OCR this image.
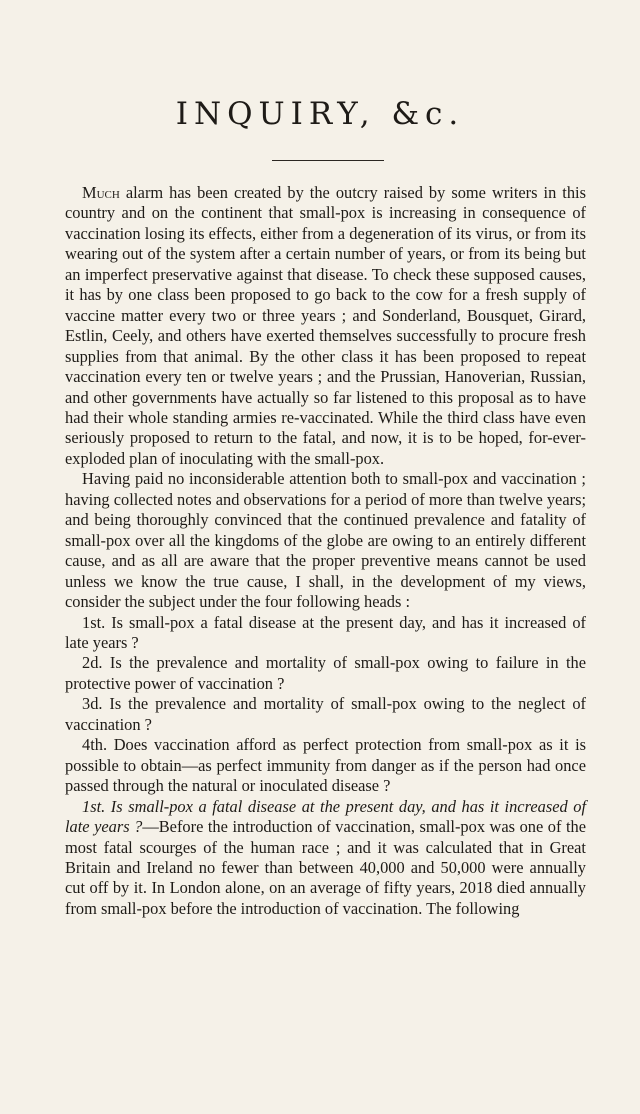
INQUIRY, &c.

Much alarm has been created by the outcry raised by some writers in this country and on the continent that small-pox is increasing in consequence of vaccination losing its effects, either from a degeneration of its virus, or from its wearing out of the system after a certain number of years, or from its being but an imperfect preservative against that disease. To check these supposed causes, it has by one class been proposed to go back to the cow for a fresh supply of vaccine matter every two or three years ; and Sonderland, Bousquet, Girard, Estlin, Ceely, and others have exerted themselves successfully to procure fresh supplies from that animal. By the other class it has been proposed to repeat vaccination every ten or twelve years ; and the Prussian, Hanoverian, Russian, and other governments have actually so far listened to this proposal as to have had their whole standing armies re-vaccinated. While the third class have even seriously proposed to return to the fatal, and now, it is to be hoped, for-ever-exploded plan of inoculating with the small-pox.

Having paid no inconsiderable attention both to small-pox and vaccination ; having collected notes and observations for a period of more than twelve years; and being thoroughly convinced that the continued prevalence and fatality of small-pox over all the kingdoms of the globe are owing to an entirely different cause, and as all are aware that the proper preventive means cannot be used unless we know the true cause, I shall, in the development of my views, consider the subject under the four following heads :

1st. Is small-pox a fatal disease at the present day, and has it increased of late years ?

2d. Is the prevalence and mortality of small-pox owing to failure in the protective power of vaccination ?

3d. Is the prevalence and mortality of small-pox owing to the neglect of vaccination ?

4th. Does vaccination afford as perfect protection from small-pox as it is possible to obtain—as perfect immunity from danger as if the person had once passed through the natural or inoculated disease ?

1st. Is small-pox a fatal disease at the present day, and has it increased of late years ?—Before the introduction of vaccination, small-pox was one of the most fatal scourges of the human race ; and it was calculated that in Great Britain and Ireland no fewer than between 40,000 and 50,000 were annually cut off by it. In London alone, on an average of fifty years, 2018 died annually from small-pox before the introduction of vaccination. The following
